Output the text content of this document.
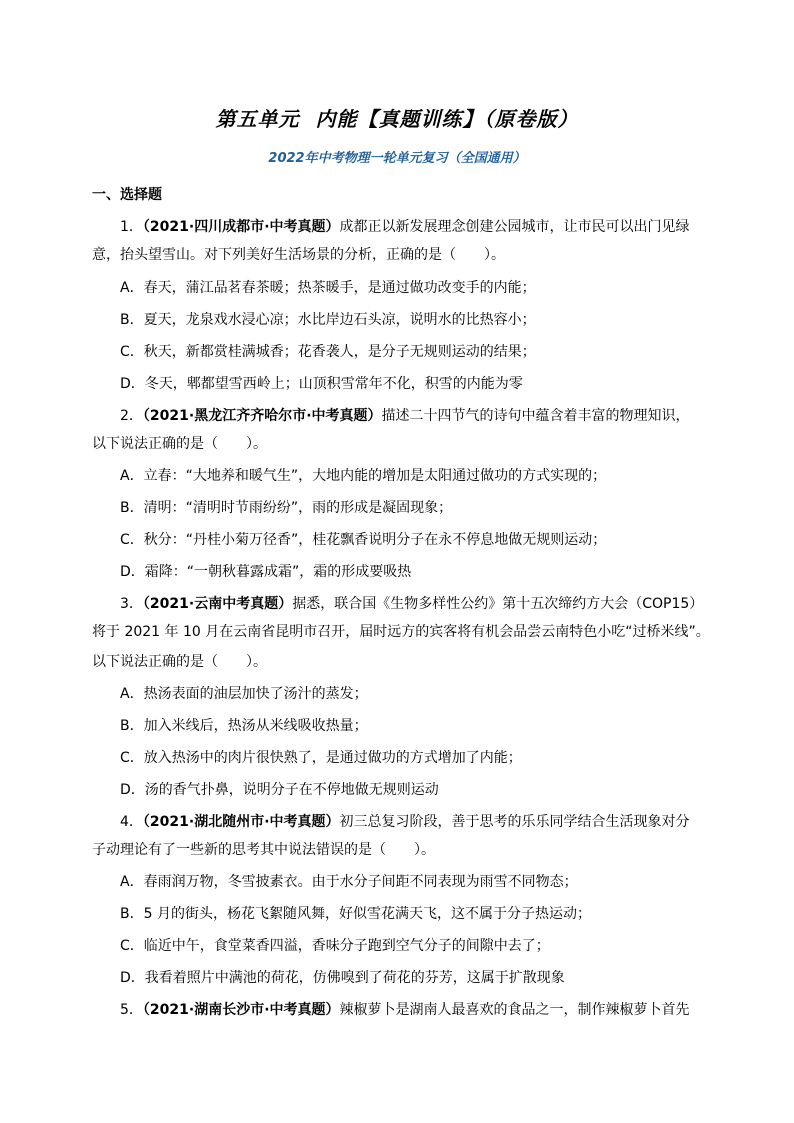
第五单元  内能【真题训练】（原卷版）
2022年中考物理一轮单元复习（全国通用）
一、选择题
1．（2021·四川成都市·中考真题）成都正以新发展理念创建公园城市，让市民可以出门见绿
意，抬头望雪山。对下列美好生活场景的分析，正确的是（　　）。
A．春天，蒲江品茗春茶暖；热茶暖手，是通过做功改变手的内能；
B．夏天，龙泉戏水浸心凉；水比岸边石头凉，说明水的比热容小；
C．秋天，新都赏桂满城香；花香袭人，是分子无规则运动的结果；
D．冬天，郫都望雪西岭上；山顶积雪常年不化，积雪的内能为零
2．（2021·黑龙江齐齐哈尔市·中考真题）描述二十四节气的诗句中蕴含着丰富的物理知识，
以下说法正确的是（　　）。
A．立春：“大地养和暖气生”，大地内能的增加是太阳通过做功的方式实现的；
B．清明：“清明时节雨纷纷”，雨的形成是凝固现象；
C．秋分：“丹桂小菊万径香”，桂花飘香说明分子在永不停息地做无规则运动；
D．霜降：“一朝秋暮露成霜”，霜的形成要吸热
3．（2021·云南中考真题）据悉，联合国《生物多样性公约》第十五次缔约方大会（COP15）
将于 2021 年 10 月在云南省昆明市召开，届时远方的宾客将有机会品尝云南特色小吃“过桥米线”。
以下说法正确的是（　　）。
A．热汤表面的油层加快了汤汁的蒸发；
B．加入米线后，热汤从米线吸收热量；
C．放入热汤中的肉片很快熟了，是通过做功的方式增加了内能；
D．汤的香气扑鼻，说明分子在不停地做无规则运动
4．（2021·湖北随州市·中考真题）初三总复习阶段，善于思考的乐乐同学结合生活现象对分
子动理论有了一些新的思考其中说法错误的是（　　）。
A．春雨润万物，冬雪披素衣。由于水分子间距不同表现为雨雪不同物态；
B．5 月的街头，杨花飞絮随风舞，好似雪花满天飞，这不属于分子热运动；
C．临近中午，食堂菜香四溢，香味分子跑到空气分子的间隙中去了；
D．我看着照片中满池的荷花，仿佛嗅到了荷花的芬芳，这属于扩散现象
5．（2021·湖南长沙市·中考真题）辣椒萝卜是湖南人最喜欢的食品之一，制作辣椒萝卜首先
